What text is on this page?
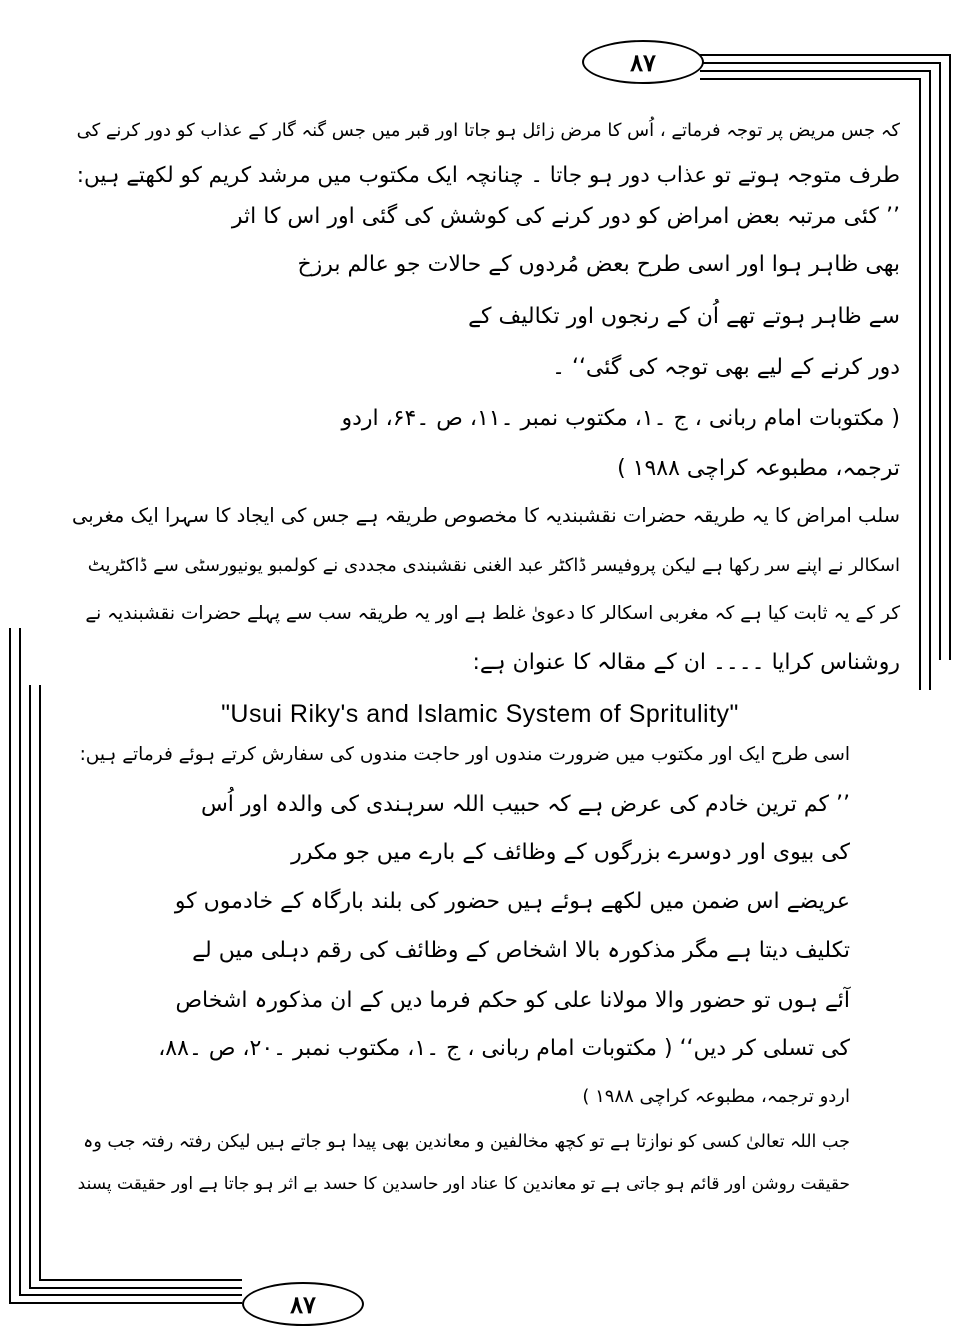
۸۷
۸۷
کہ جس مریض پر توجہ فرماتے ، اُس کا مرض زائل ہو جاتا اور قبر میں جس گنہ گار کے عذاب کو دور کرنے کی
طرف متوجہ ہوتے تو عذاب دور ہو جاتا ۔ چنانچہ ایک مکتوب میں مرشد کریم کو لکھتے ہیں:
’’ کئی مرتبہ بعض امراض کو دور کرنے کی کوشش کی گئی اور اس کا اثر
بھی ظاہر ہوا اور اسی طرح بعض مُردوں کے حالات جو عالم برزخ
سے ظاہر ہوتے تھے اُن کے رنجوں اور تکالیف کے
دور کرنے کے لیے بھی توجہ کی گئی‘‘ ۔
( مکتوبات امام ربانی ، ج ۔۱، مکتوب نمبر ۔۱۱، ص ۔۶۴، اردو
ترجمہ، مطبوعہ کراچی ۱۹۸۸ )
سلب امراض کا یہ طریقہ حضرات نقشبندیہ کا مخصوص طریقہ ہے جس کی ایجاد کا سہرا ایک مغربی
اسکالر نے اپنے سر رکھا ہے لیکن پروفیسر ڈاکٹر عبد الغنی نقشبندی مجددی نے کولمبو یونیورسٹی سے ڈاکٹریٹ
کر کے یہ ثابت کیا ہے کہ مغربی اسکالر کا دعویٰ غلط ہے اور یہ طریقہ سب سے پہلے حضرات نقشبندیہ نے
روشناس کرایا ۔۔۔۔ ان کے مقالہ کا عنوان ہے:
"Usui Riky's and Islamic System of Spritulity"
اسی طرح ایک اور مکتوب میں ضرورت مندوں اور حاجت مندوں کی سفارش کرتے ہوئے فرماتے ہیں:
’’ کم ترین خادم کی عرض ہے کہ حبیب اللہ سرہندی کی والدہ اور اُس
کی بیوی اور دوسرے بزرگوں کے وظائف کے بارے میں جو مکرر
عریضے اس ضمن میں لکھے ہوئے ہیں حضور کی بلند بارگاہ کے خادموں کو
تکلیف دیتا ہے مگر مذکورہ بالا اشخاص کے وظائف کی رقم دہلی میں لے
آئے ہوں تو حضور والا مولانا علی کو حکم فرما دیں کے ان مذکورہ اشخاص
کی تسلی کر دیں‘‘ ( مکتوبات امام ربانی ، ج ۔۱، مکتوب نمبر ۔۲۰، ص ۔۸۸،
اردو ترجمہ، مطبوعہ کراچی ۱۹۸۸ )
جب اللہ تعالیٰ کسی کو نوازتا ہے تو کچھ مخالفین و معاندین بھی پیدا ہو جاتے ہیں لیکن رفتہ رفتہ جب وہ
حقیقت روشن اور قائم ہو جاتی ہے تو معاندین کا عناد اور حاسدین کا حسد بے اثر ہو جاتا ہے اور حقیقت پسند
